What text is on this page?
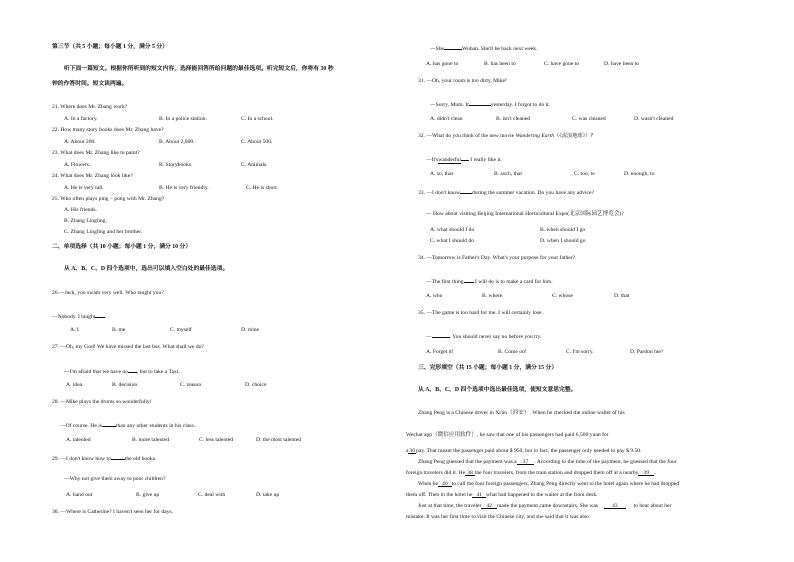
第三节（共 5 小题；每小题 1 分，满分 5 分）
听下面一篇短文。根据你所听到的短文内容，选择能回答所给问题的最佳选项。听完短文后，你将有 30 秒
钟的作答时间。短文读两遍。
21. Where does Mr. Zhang work?
A. In a factory.	B. In a police station.	C. In a school.
22. How many story books does Mr. Zhang have?
A. About 200.	B. About 2,000.	C. About 500.
23. What does Mr. Zhang like to paint?
A. Flowers.	B. Storybooks.	C. Animals.
24. What does Mr. Zhang look like?
A. He is very tall.	B. He is very friendly.	C. He is short.
25. Who often plays ping – pong with Mr. Zhang?
A. His friends.
B. Zhang Lingling.
C. Zhang Lingling and her brother.
二、单项选择（共 10 小题；每小题 1 分，满分 10 分）
从 A、B、C、D 四个选项中，选出可以填入空白处的最佳选项。
26.—Jack, you swam very well. Who taught you?
—Nobody. I taught .
A. I	B. me	C. myself	D. mine
27. —Oh, my God! We have missed the last bus. What shall we do?
—I'm afraid that we have no , but to take a Taxi.
A. idea	B. decision	C. reason	D. choice
28. —Mike plays the drums so wonderfully!
—Of course. He is	than any other students in his class.
A. talented	B. more talented	C. less talented	D. the most talented
29. —I don't know how to	the old books.
—Why not give them away to poor children?
A. hand out	B. give up	C. deal with	D. take up
30. —Where is Catherine? I haven't seen her for days.
—She	Wuhan. She'll be back next week.
A. has gone to	B. has been to	C. have gone to	D. have been to
31. —Oh, your room is too dirty, Mike!
—Sorry, Mum. It	yesterday. I forgot to do it.
A. didn't clean	B. isn't cleaned	C. was cleaned	D. wasn't cleaned
32. —What do you think of the new movie Wandering Earth（《流浪地球》）?
—It'swanderful I really like it.
A. so, that	B. such, that	C. too, to	D. enough, to
33. —I don't know during the summer vacation. Do you have any advice?
— How about visiting Beijing International Horticultural Expo(北京国际园艺博览会)?
A. what should I do	B. when should I go
C. what I should do	D. when I should go
34. —Tomorrow is Father's Day. What's your purpose for your father?
—The first thing I will do is to make a card for him.
A. who	B. where	C. whose	D. that
35. —The game is too hard for me. I will certainly lose.
—	. You should never say no before you try.
A. Forget it!	B. Come on!	C. I'm sorry.	D. Pardon me?
三、完形填空（共 15 小题；每小题 1 分，满分 15 分）
从 A、B、C、D 四个选项中选出最佳选项，使短文意思完整。
Zhang Peng is a Chinese driver in Xi'an（西安）. When he checked the online wallet of his
Wechat app（微信应用软件）, he saw that one of his passengers had paid 6,500 yuan for
a36pay. That meant the passenger paid about $ 950, but in fact, the passenger only needed to pay $ 9.50.
Zhang Peng guessed that the payment was a 37 . According to the time of the payment, he guessed that the four
foreign travelers did it. He 38 the four travelers, from the train station and dropped them off at a nearby 39 .
When he 40 to call the four foreign passengers, Zhang Peng directly went to the hotel again where he had dropped
them off. Then in the hotel he 41 what had happened to the waiter at the front desk.
Just at that time, the traveler 42 made the payment came downstairs. She was	43	to hear about her
mistake. It was her first time to visit the Chinese city, and she said that it was also
